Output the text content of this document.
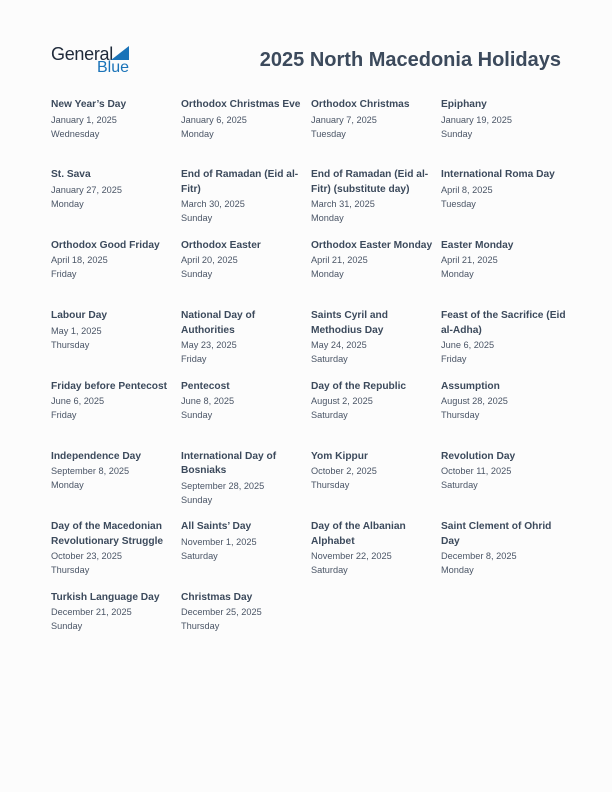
General
Blue	2025 North Macedonia Holidays
New Year’s Day
January 1, 2025
Wednesday
Orthodox Christmas Eve
January 6, 2025
Monday
Orthodox Christmas
January 7, 2025
Tuesday
Epiphany
January 19, 2025
Sunday
St. Sava
January 27, 2025
Monday
End of Ramadan (Eid al-Fitr)
March 30, 2025
Sunday
End of Ramadan (Eid al-Fitr) (substitute day)
March 31, 2025
Monday
International Roma Day
April 8, 2025
Tuesday
Orthodox Good Friday
April 18, 2025
Friday
Orthodox Easter
April 20, 2025
Sunday
Orthodox Easter Monday
April 21, 2025
Monday
Easter Monday
April 21, 2025
Monday
Labour Day
May 1, 2025
Thursday
National Day of Authorities
May 23, 2025
Friday
Saints Cyril and Methodius Day
May 24, 2025
Saturday
Feast of the Sacrifice (Eid al-Adha)
June 6, 2025
Friday
Friday before Pentecost
June 6, 2025
Friday
Pentecost
June 8, 2025
Sunday
Day of the Republic
August 2, 2025
Saturday
Assumption
August 28, 2025
Thursday
Independence Day
September 8, 2025
Monday
International Day of Bosniaks
September 28, 2025
Sunday
Yom Kippur
October 2, 2025
Thursday
Revolution Day
October 11, 2025
Saturday
Day of the Macedonian Revolutionary Struggle
October 23, 2025
Thursday
All Saints’ Day
November 1, 2025
Saturday
Day of the Albanian Alphabet
November 22, 2025
Saturday
Saint Clement of Ohrid Day
December 8, 2025
Monday
Turkish Language Day
December 21, 2025
Sunday
Christmas Day
December 25, 2025
Thursday
